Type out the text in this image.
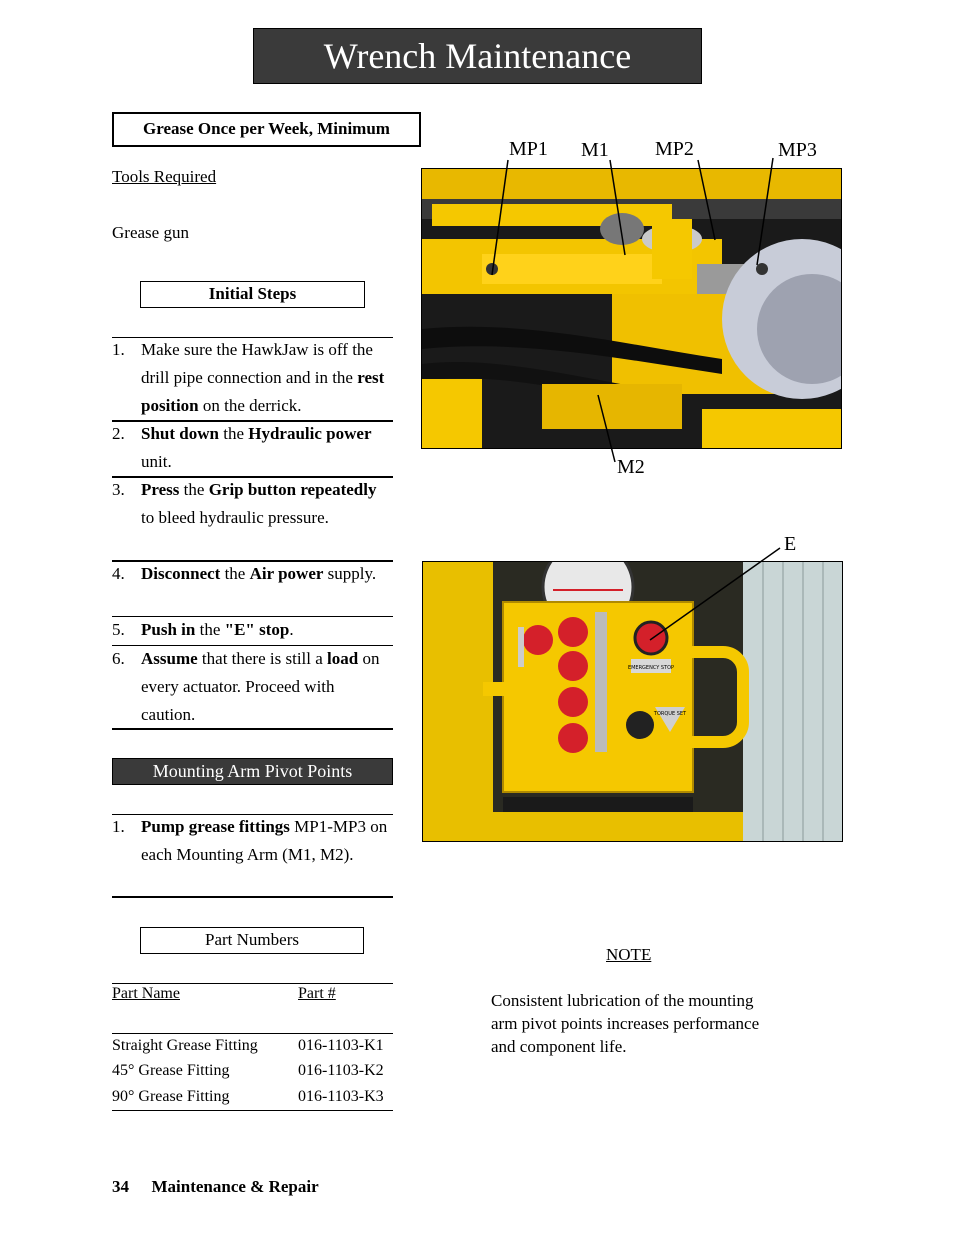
Wrench Maintenance
Grease Once per Week, Minimum
Tools Required
Grease gun
Initial Steps
1. Make sure the HawkJaw is off the drill pipe connection and in the rest position on the derrick.
2. Shut down the Hydraulic power unit.
3. Press the Grip button repeatedly to bleed hydraulic pressure.
4. Disconnect the Air power supply.
5. Push in the "E" stop.
6. Assume that there is still a load on every actuator. Proceed with caution.
Mounting Arm Pivot Points
1. Pump grease fittings MP1-MP3 on each Mounting Arm (M1, M2).
Part Numbers
Part Name	Part #
Straight Grease Fitting	016-1103-K1
45° Grease Fitting	016-1103-K2
90° Grease Fitting	016-1103-K3
MP1 M1 MP2	MP3
M2
EMERGENCY STOP
TORQUE SET
E
NOTE
Consistent lubrication of the mounting arm pivot points increases performance and component life.
34 Maintenance & Repair
